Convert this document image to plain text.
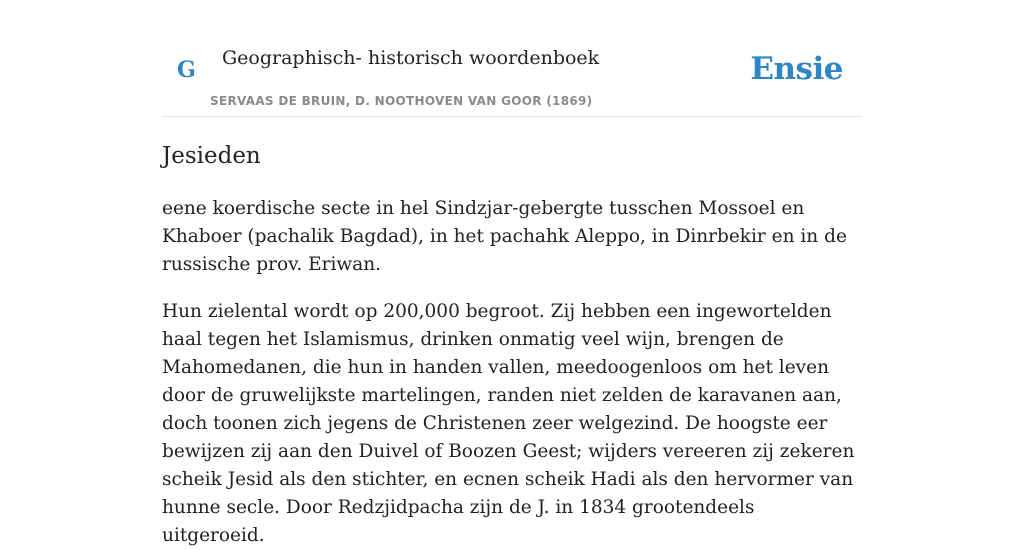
G Geographisch- historisch woordenboek
SERVAAS DE BRUIN, D. NOOTHOVEN VAN GOOR (1869)
Ensie
Jesieden

eene koerdische secte in hel Sindzjar-gebergte tusschen Mossoel en Khaboer (pachalik Bagdad), in het pachahk Aleppo, in Dinrbekir en in de russische prov. Eriwan.

Hun zielental wordt op 200,000 begroot. Zij hebben een ingewortelden haal tegen het Islamismus, drinken onmatig veel wijn, brengen de Mahomedanen, die hun in handen vallen, meedoogenloos om het leven door de gruwelijkste martelingen, randen niet zelden de karavanen aan, doch toonen zich jegens de Christenen zeer welgezind. De hoogste eer bewijzen zij aan den Duivel of Boozen Geest; wijders vereeren zij zekeren scheik Jesid als den stichter, en ecnen scheik Hadi als den hervormer van hunne secle. Door Redzjidpacha zijn de J. in 1834 grootendeels uitgeroeid.
